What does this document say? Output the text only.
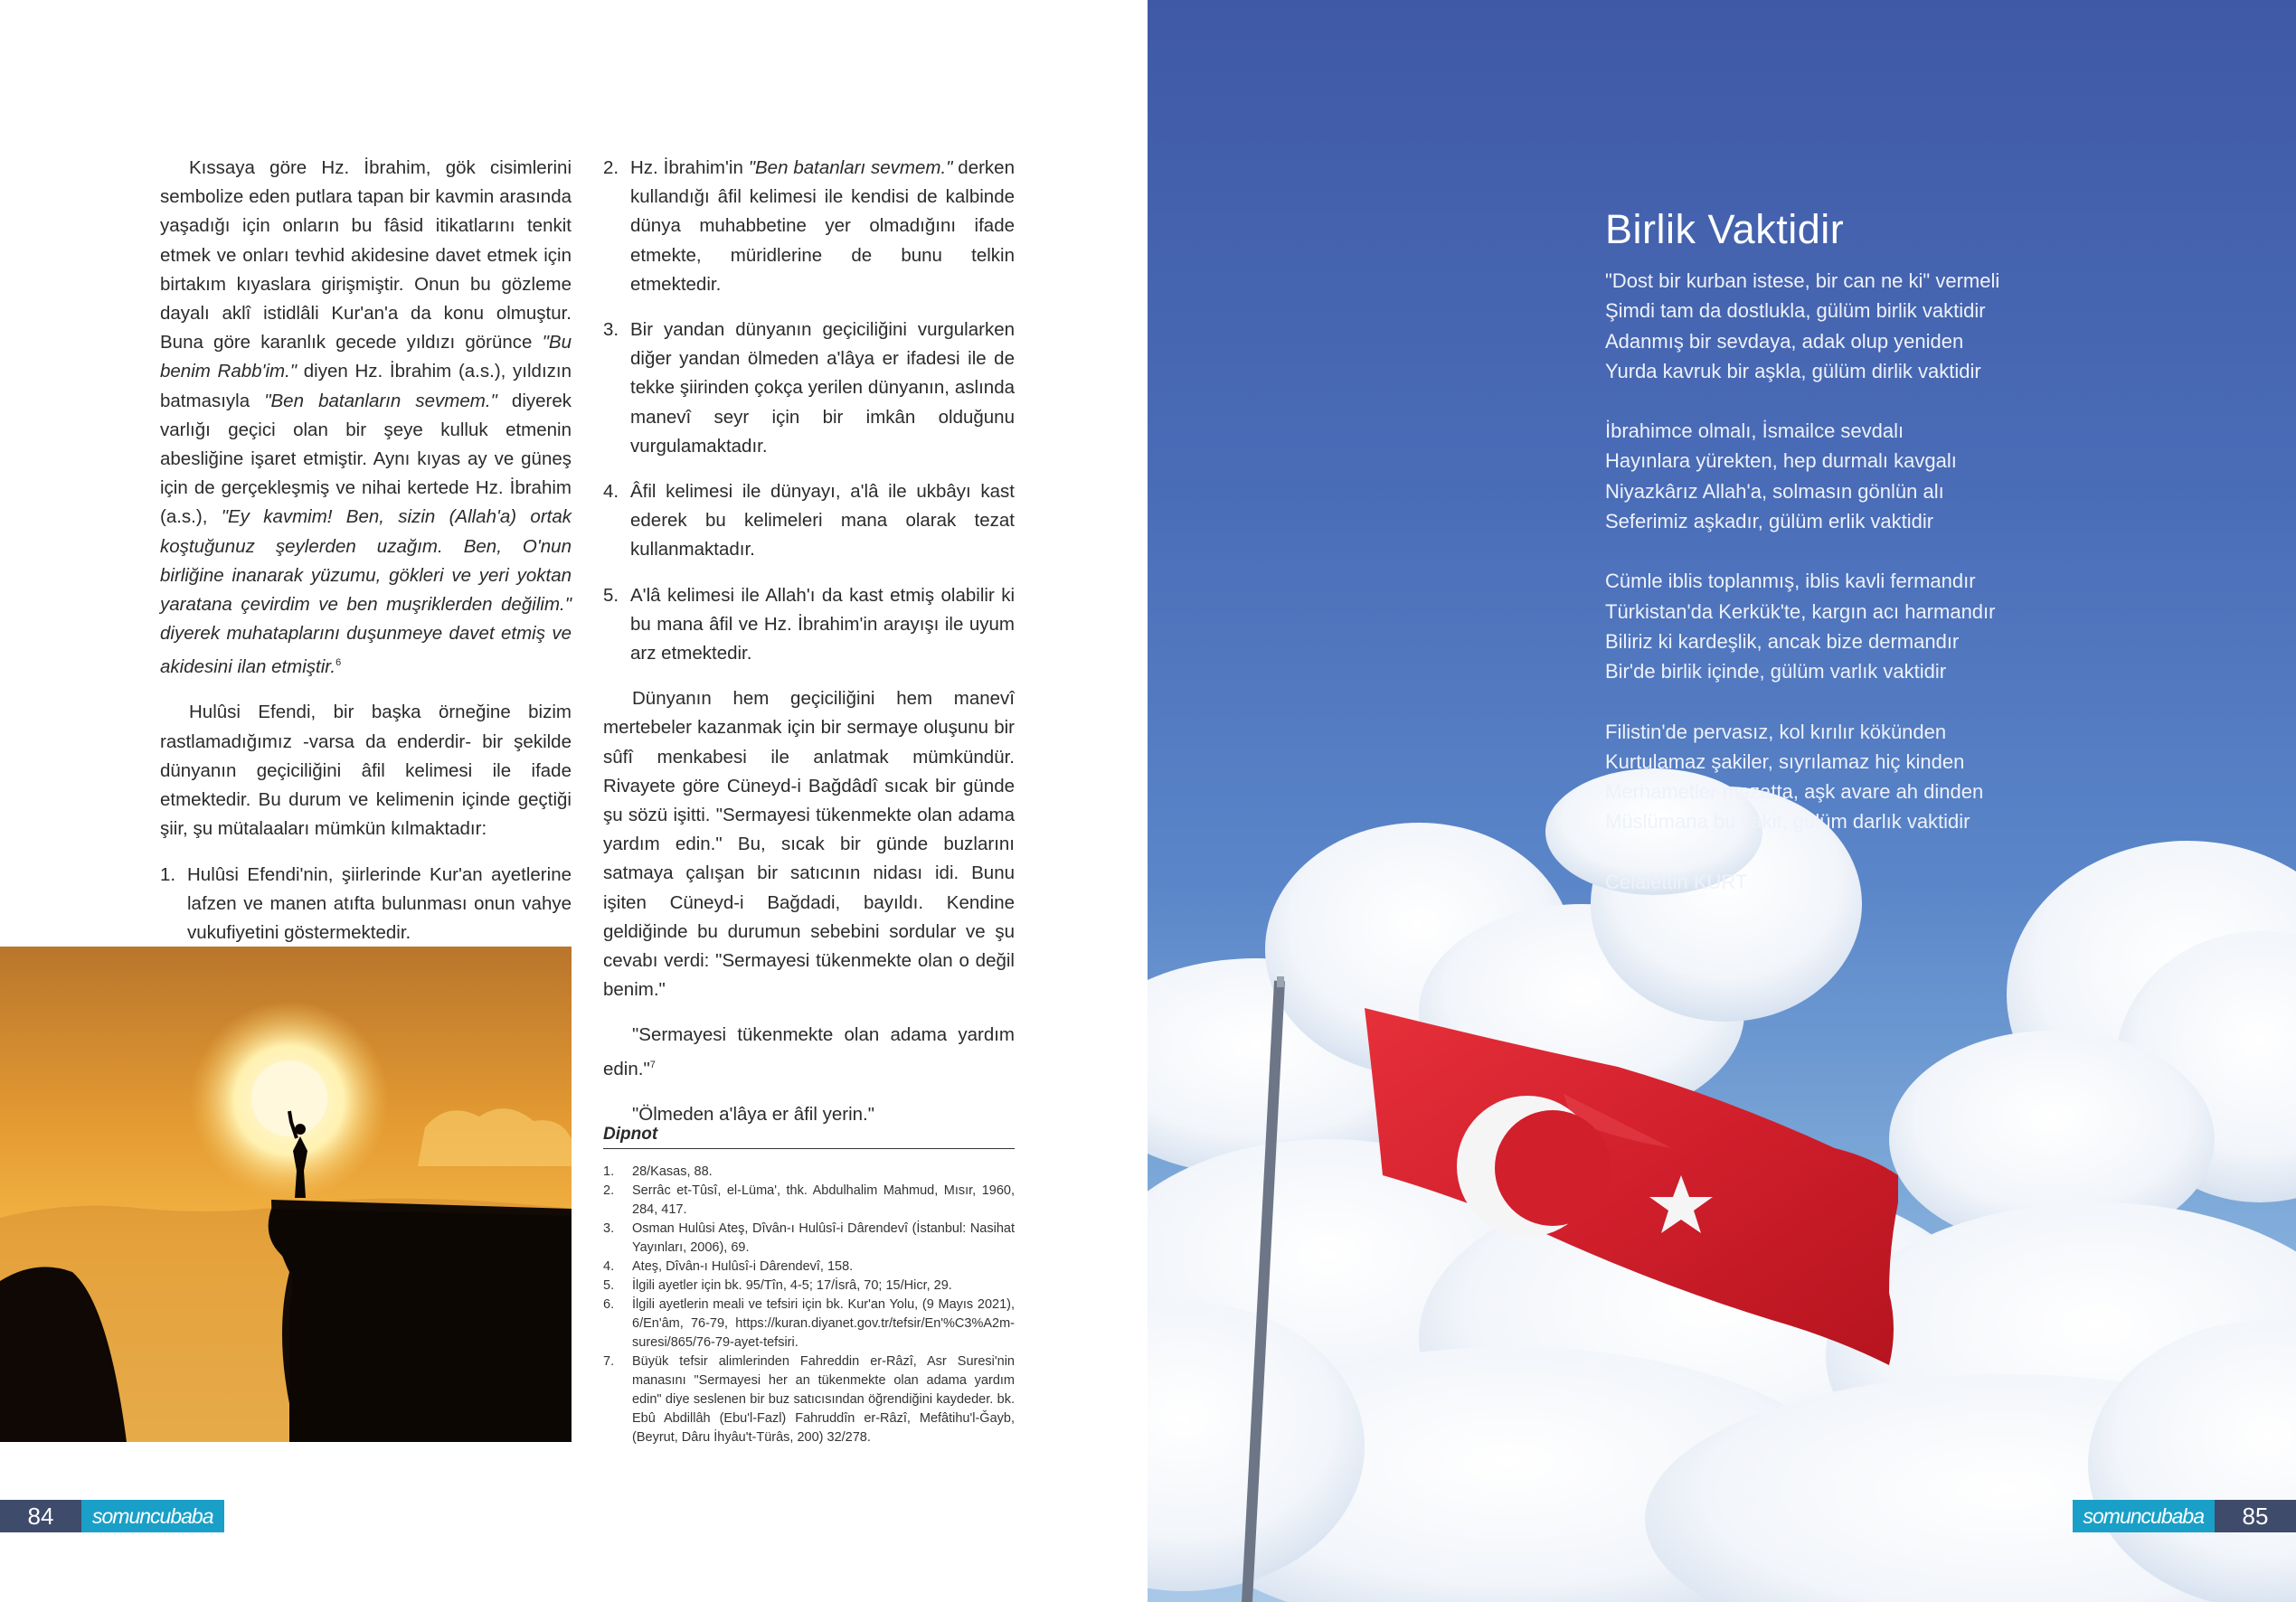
Kıssaya göre Hz. İbrahim, gök cisimlerini sembolize eden putlara tapan bir kavmin arasında yaşadığı için onların bu fâsid itikatlarını tenkit etmek ve onları tevhid akidesine davet etmek için birtakım kıyaslara girişmiştir. Onun bu gözleme dayalı aklî istidlâli Kur'an'a da konu olmuştur. Buna göre karanlık gecede yıldızı görünce "Bu benim Rabb'im." diyen Hz. İbrahim (a.s.), yıldızın batmasıyla "Ben batanların sevmem." diyerek varlığı geçici olan bir şeye kulluk etmenin abesliğine işaret etmiştir. Aynı kıyas ay ve güneş için de gerçekleşmiş ve nihai kertede Hz. İbrahim (a.s.), "Ey kavmim! Ben, sizin (Allah'a) ortak koştuğunuz şeylerden uzağım. Ben, O'nun birliğine inanarak yüzumu, gökleri ve yeri yoktan yaratana çevirdim ve ben muşriklerden değilim." diyerek muhataplarını duşunmeye davet etmiş ve akidesini ilan etmiştir.$^6$

Hulûsi Efendi, bir başka örneğine bizim rastlamadığımız -varsa da enderdir- bir şekilde dünyanın geçiciliğini âfil kelimesi ile ifade etmektedir. Bu durum ve kelimenin içinde geçtiği şiir, şu mütalaaları mümkün kılmaktadır:

1. Hulûsi Efendi'nin, şiirlerinde Kur'an ayetlerine lafzen ve manen atıfta bulunması onun vahye vukufiyetini göstermektedir.
2. Hz. İbrahim'in "Ben batanları sevmem." derken kullandığı âfil kelimesi ile kendisi de kalbinde dünya muhabbetine yer olmadığını ifade etmekte, müridlerine de bunu telkin etmektedir.
3. Bir yandan dünyanın geçiciliğini vurgularken diğer yandan ölmeden a'lâya er ifadesi ile de tekke şiirinden çokça yerilen dünyanın, aslında manevî seyr için bir imkân olduğunu vurgulamaktadır.
4. Âfil kelimesi ile dünyayı, a'lâ ile ukbâyı kast ederek bu kelimeleri mana olarak tezat kullanmaktadır.
5. A'lâ kelimesi ile Allah'ı da kast etmiş olabilir ki bu mana âfil ve Hz. İbrahim'in arayışı ile uyum arz etmektedir.

Dünyanın hem geçiciliğini hem manevî mertebeler kazanmak için bir sermaye oluşunu bir sûfî menkabesi ile anlatmak mümkündür. Rivayete göre Cüneyd-i Bağdâdî sıcak bir günde şu sözü işitti. "Sermayesi tükenmekte olan adama yardım edin." Bu, sıcak bir günde buzlarını satmaya çalışan bir satıcının nidası idi. Bunu işiten Cüneyd-i Bağdadi, bayıldı. Kendine geldiğinde bu durumun sebebini sordular ve şu cevabı verdi: "Sermayesi tükenmekte olan o değil benim."

"Sermayesi tükenmekte olan adama yardım edin."$^7$

"Ölmeden a'lâya er âfil yerin."

Dipnot
1.	28/Kasas, 88.
2.	Serrâc et-Tûsî, el-Lüma', thk. Abdulhalim Mahmud, Mısır, 1960, 284, 417.
3.	Osman Hulûsi Ateş, Dîvân-ı Hulûsî-i Dârendevî (İstanbul: Nasihat Yayınları, 2006), 69.
4.	Ateş, Dîvân-ı Hulûsî-i Dârendevî, 158.
5.	İlgili ayetler için bk. 95/Tîn, 4-5; 17/İsrâ, 70; 15/Hicr, 29.
6.	İlgili ayetlerin meali ve tefsiri için bk. Kur'an Yolu, (9 Mayıs 2021), 6/En'âm, 76-79, https://kuran.diyanet.gov.tr/tefsir/En'%C3%A2m-suresi/865/76-79-ayet-tefsiri.
7.	Büyük tefsir alimlerinden Fahreddin er-Râzî, Asr Suresi'nin manasını "Sermayesi her an tükenmekte olan adama yardım edin" diye seslenen bir buz satıcısından öğrendiğini kaydeder. bk. Ebû Abdillâh (Ebu'l-Fazl) Fahruddîn er-Râzî, Mefâtihu'l-Ǧayb, (Beyrut, Dâru İhyâu't-Türâs, 200) 32/278.
84	somuncubaba
	somuncubaba	85
Birlik Vaktidir
"Dost bir kurban istese, bir can ne ki" vermeli
Şimdi tam da dostlukla, gülüm birlik vaktidir
Adanmış bir sevdaya, adak olup yeniden
Yurda kavruk bir aşkla, gülüm dirlik vaktidir
İbrahimce olmalı, İsmailce sevdalı
Hayınlara yürekten, hep durmalı kavgalı
Niyazkârız Allah'a, solmasın gönlün alı
Seferimiz aşkadır, gülüm erlik vaktidir
Cümle iblis toplanmış, iblis kavli fermandır
Türkistan'da Kerkük'te, kargın acı harmandır
Biliriz ki kardeşlik, ancak bize dermandır
Bir'de birlik içinde, gülüm varlık vaktidir
Filistin'de pervasız, kol kırılır kökünden
Kurtulamaz şakiler, sıyrılamaz hiç kinden
Merhametler mezatta, aşk avare ah dinden
Müslümana bu vakit, gülüm darlık vaktidir
Celalettin KURT
